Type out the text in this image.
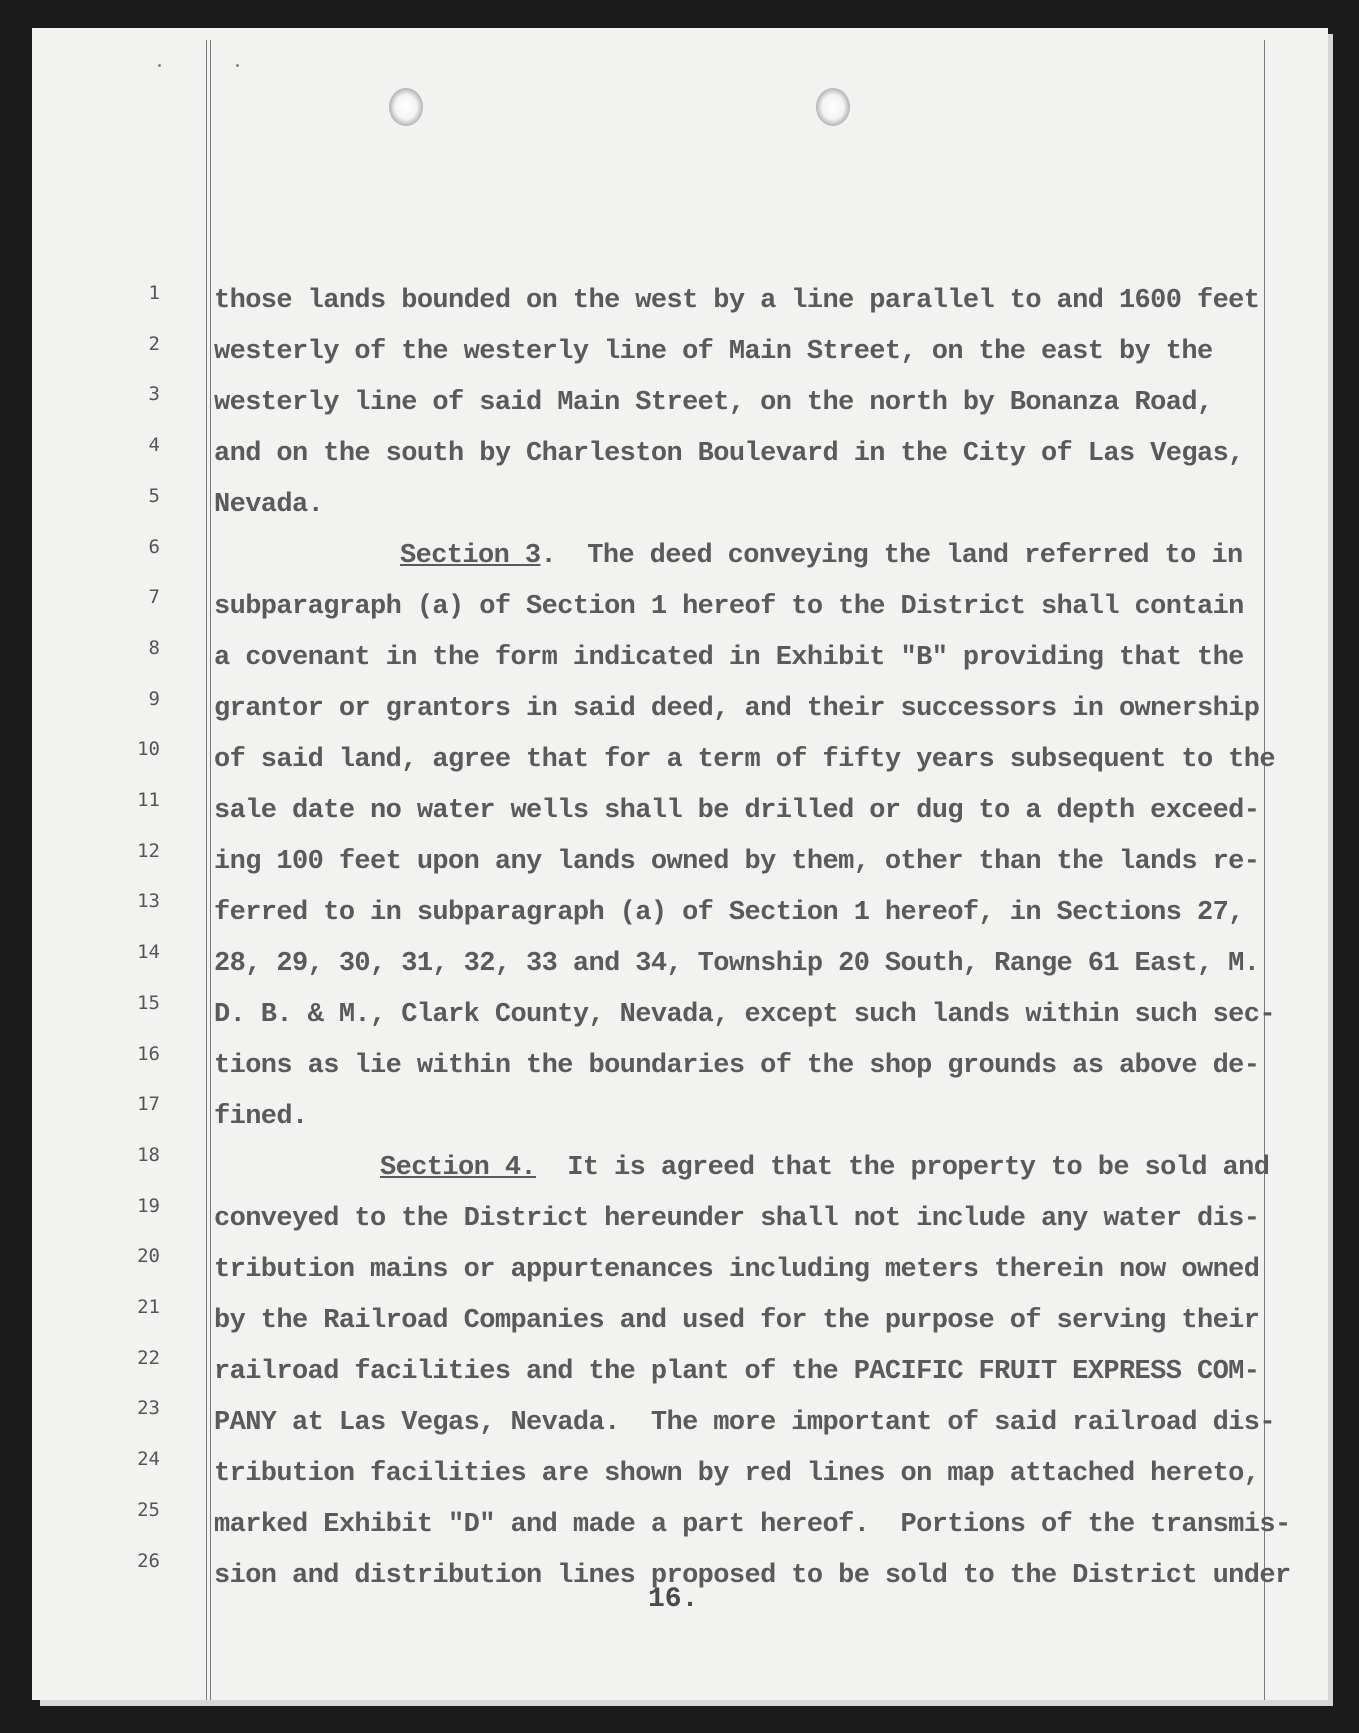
1
2
3
4
5
6
7
8
9
10
11
12
13
14
15
16
17
18
19
20
21
22
23
24
25
26
those lands bounded on the west by a line parallel to and 1600 feet
westerly of the westerly line of Main Street, on the east by the
westerly line of said Main Street, on the north by Bonanza Road,
and on the south by Charleston Boulevard in the City of Las Vegas,
Nevada.
Section 3.  The deed conveying the land referred to in
subparagraph (a) of Section 1 hereof to the District shall contain
a covenant in the form indicated in Exhibit "B" providing that the
grantor or grantors in said deed, and their successors in ownership
of said land, agree that for a term of fifty years subsequent to the
sale date no water wells shall be drilled or dug to a depth exceed-
ing 100 feet upon any lands owned by them, other than the lands re-
ferred to in subparagraph (a) of Section 1 hereof, in Sections 27,
28, 29, 30, 31, 32, 33 and 34, Township 20 South, Range 61 East, M.
D. B. & M., Clark County, Nevada, except such lands within such sec-
tions as lie within the boundaries of the shop grounds as above de-
fined.
Section 4.  It is agreed that the property to be sold and
conveyed to the District hereunder shall not include any water dis-
tribution mains or appurtenances including meters therein now owned
by the Railroad Companies and used for the purpose of serving their
railroad facilities and the plant of the PACIFIC FRUIT EXPRESS COM-
PANY at Las Vegas, Nevada.  The more important of said railroad dis-
tribution facilities are shown by red lines on map attached hereto,
marked Exhibit "D" and made a part hereof.  Portions of the transmis-
sion and distribution lines proposed to be sold to the District under
16.
